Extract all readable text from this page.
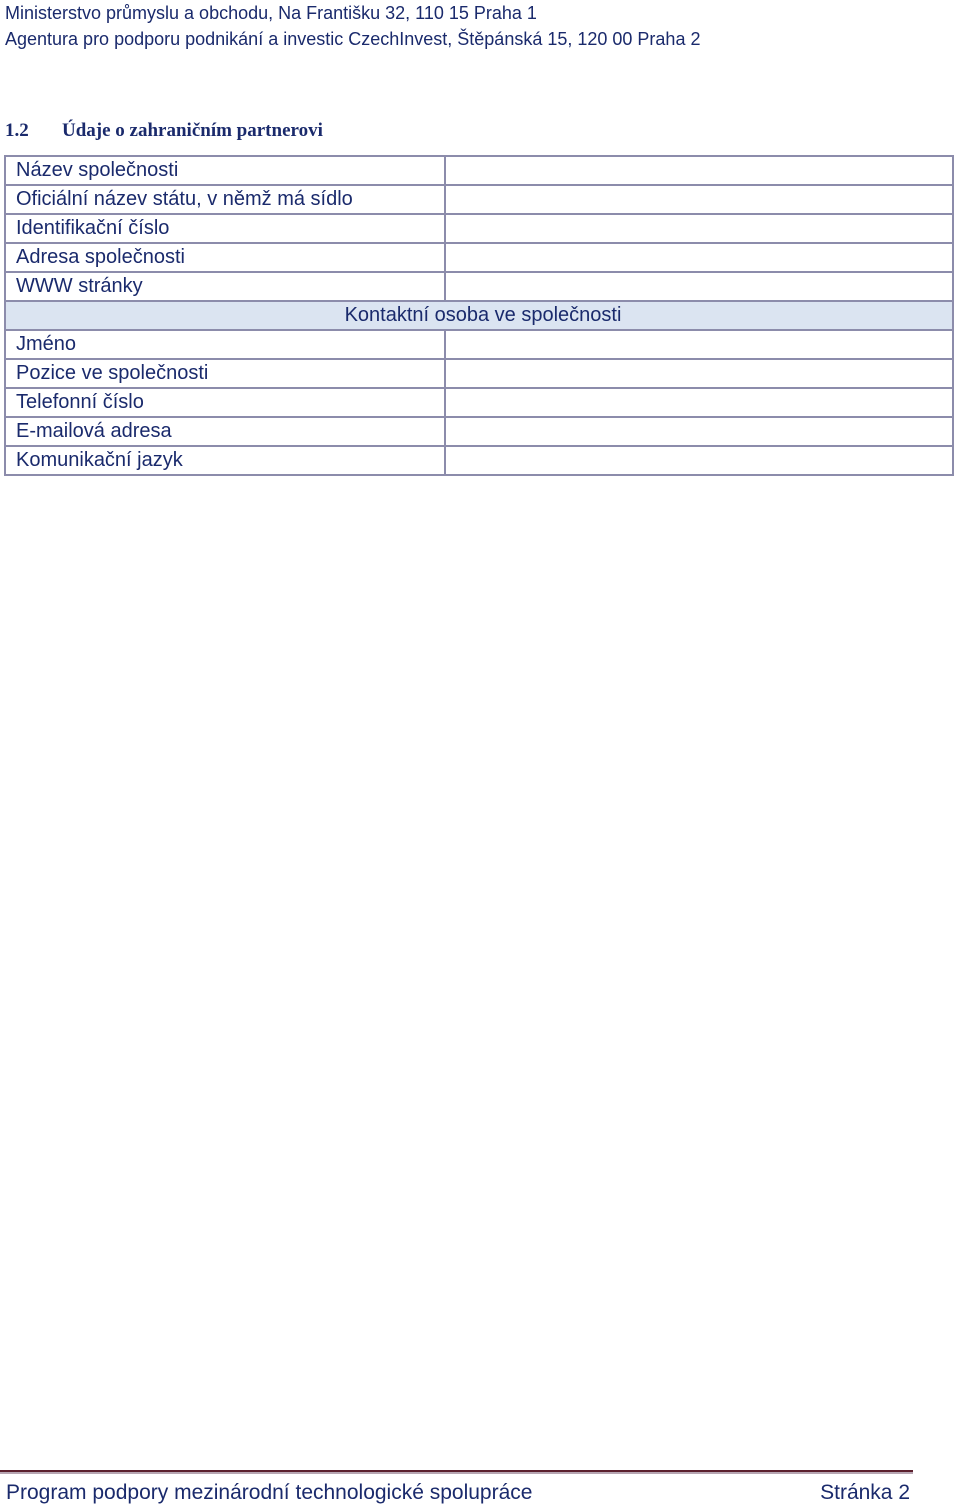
Ministerstvo průmyslu a obchodu, Na Františku 32, 110 15 Praha 1
Agentura pro podporu podnikání a investic CzechInvest, Štěpánská 15, 120 00 Praha 2
1.2 Údaje o zahraničním partnerovi
Název společnosti	
Oficiální název státu, v němž má sídlo	
Identifikační číslo	
Adresa společnosti	
WWW stránky	
Kontaktní osoba ve společnosti	
Jméno	
Pozice ve společnosti	
Telefonní číslo	
E-mailová adresa	
Komunikační jazyk	
Program podpory mezinárodní technologické spolupráce	Stránka 2
